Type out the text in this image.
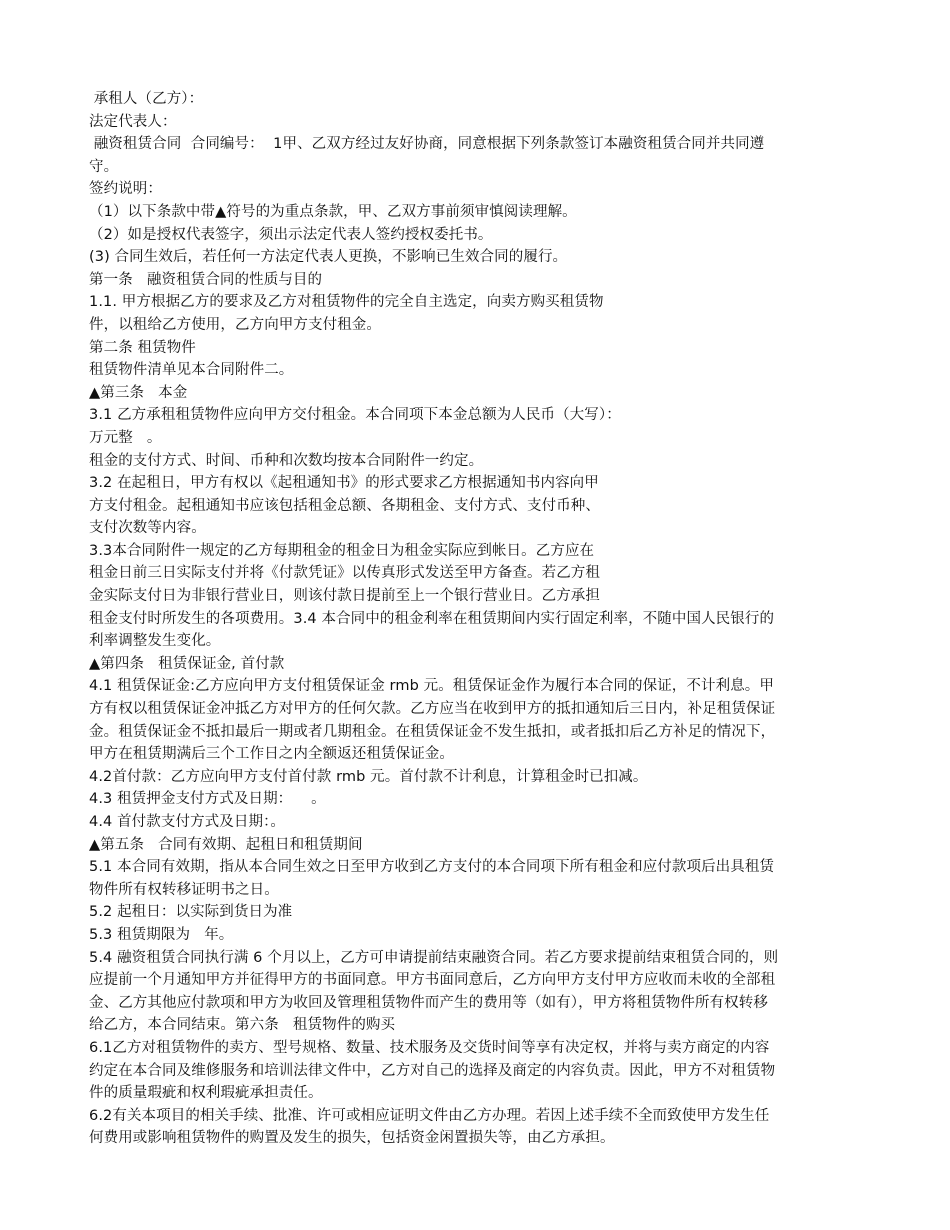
承租人（乙方）：
法定代表人：
融资租赁合同  合同编号：  1甲、乙双方经过友好协商，同意根据下列条款签订本融资租赁合同并共同遵
守。
签约说明：
（1）以下条款中带▲符号的为重点条款，甲、乙双方事前须审慎阅读理解。
（2）如是授权代表签字，须出示法定代表人签约授权委托书。
(3) 合同生效后，若任何一方法定代表人更换，不影响已生效合同的履行。
第一条   融资租赁合同的性质与目的
1.1. 甲方根据乙方的要求及乙方对租赁物件的完全自主选定，向卖方购买租赁物
件，以租给乙方使用，乙方向甲方支付租金。
第二条 租赁物件
租赁物件清单见本合同附件二。
▲第三条   本金
3.1 乙方承租租赁物件应向甲方交付租金。本合同项下本金总额为人民币（大写）：
万元整   。
租金的支付方式、时间、币种和次数均按本合同附件一约定。
3.2 在起租日，甲方有权以《起租通知书》的形式要求乙方根据通知书内容向甲
方支付租金。起租通知书应该包括租金总额、各期租金、支付方式、支付币种、
支付次数等内容。
3.3本合同附件一规定的乙方每期租金的租金日为租金实际应到帐日。乙方应在
租金日前三日实际支付并将《付款凭证》以传真形式发送至甲方备查。若乙方租
金实际支付日为非银行营业日，则该付款日提前至上一个银行营业日。乙方承担
租金支付时所发生的各项费用。3.4 本合同中的租金利率在租赁期间内实行固定利率，不随中国人民银行的
利率调整发生变化。
▲第四条   租赁保证金, 首付款
4.1 租赁保证金:乙方应向甲方支付租赁保证金 rmb 元。租赁保证金作为履行本合同的保证，不计利息。甲
方有权以租赁保证金冲抵乙方对甲方的任何欠款。乙方应当在收到甲方的抵扣通知后三日内，补足租赁保证
金。租赁保证金不抵扣最后一期或者几期租金。在租赁保证金不发生抵扣，或者抵扣后乙方补足的情况下，
甲方在租赁期满后三个工作日之内全额返还租赁保证金。
4.2首付款：乙方应向甲方支付首付款 rmb 元。首付款不计利息，计算租金时已扣减。
4.3 租赁押金支付方式及日期：    。
4.4 首付款支付方式及日期：。
▲第五条   合同有效期、起租日和租赁期间
5.1 本合同有效期，指从本合同生效之日至甲方收到乙方支付的本合同项下所有租金和应付款项后出具租赁
物件所有权转移证明书之日。
5.2 起租日：以实际到货日为准
5.3 租赁期限为   年。
5.4 融资租赁合同执行满 6 个月以上，乙方可申请提前结束融资合同。若乙方要求提前结束租赁合同的，则
应提前一个月通知甲方并征得甲方的书面同意。甲方书面同意后，乙方向甲方支付甲方应收而未收的全部租
金、乙方其他应付款项和甲方为收回及管理租赁物件而产生的费用等（如有），甲方将租赁物件所有权转移
给乙方，本合同结束。第六条   租赁物件的购买
6.1乙方对租赁物件的卖方、型号规格、数量、技术服务及交货时间等享有决定权，并将与卖方商定的内容
约定在本合同及维修服务和培训法律文件中，乙方对自己的选择及商定的内容负责。因此，甲方不对租赁物
件的质量瑕疵和权利瑕疵承担责任。
6.2有关本项目的相关手续、批准、许可或相应证明文件由乙方办理。若因上述手续不全而致使甲方发生任
何费用或影响租赁物件的购置及发生的损失，包括资金闲置损失等，由乙方承担。
